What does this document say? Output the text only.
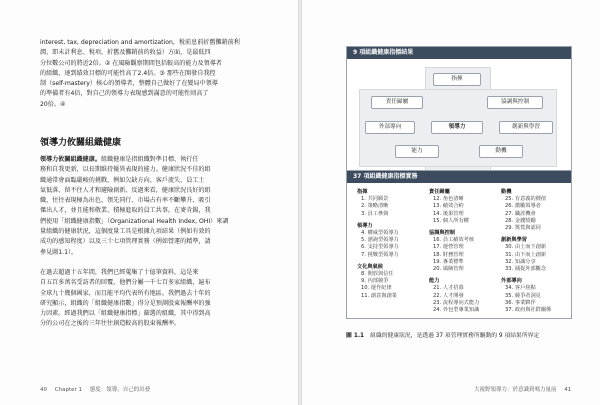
interest, tax, depreciation and amortization，稅前息前折舊攤銷前利
潤，即未計利息、稅項、折舊及攤銷前的收益）方面，是最低四
分位數公司的將近2倍。② 在風險觀察期間包括較高的能力及領導者
的組織，達到績效目標的可能性高了2.4倍。③ 那些在開發自我控
制（self-mastery）核心的領導者，整體自己做好了在變局中領導
的準備者有4倍，對自己的領導力表現感到滿意的可能性則高了
20倍。④

領導力攸關組織健康

領導力攸關組織健康。組織健康是指組織對準目標、執行任
務和自我更新，以長期維持優異表現的能力。健康狀況不佳的組
織通常會面臨嚴峻的挑戰，例如欠缺方向、客戶流失、員工士
氣低落、留不住人才和避險創新、反過來看，健康狀況良好的組
織，往往表現極為出色、領先同行、市場占有率不斷攀升、吸引
傑出人才，並且能和敬業、積極進取的員工共事。在麥肯錫，我
們使用「組織健康指數」（Organizational Health Index, OHI）來調
量組織的健康狀況，這個度量工具是根據九項結果（例如有效的
成功的感知程度）以及三十七項管理實務（例如營運的精準，請
參見圖1.1）。

在過去超過十五年間，我們已經蒐集了十億筆資料，這是來
自五百多萬名受訪者的回覆，他們分屬一千七百多家組織，遍布
全球九十幾個國家，而且能平均代表所有地區。我們過去十年的
研究顯示，組織的「組織健康指數」得分是預測股東報酬率的強
力因素。經過我們以「組織健康指標」篩選的組織，其中得到高
分的公司在之後的三年往往創造較高的股東報酬率。

40 Chapter 1 態度：領導，自己的出發
9 項組織健康指標結果
指揮
責任歸屬	協調與控制
外部導向	領導力	創新與學習
能力	動機
37 項組織健康指標實務
指揮
1. 共同願景
2. 策略清晰
3. 員工參與
領導力
4. 權威型領導力
5. 諮詢型領導力
6. 支持型領導力
7. 挑戰型領導力
文化與氣候
8. 開放與信任
9. 內部競爭
10. 運作紀律
11. 創意與創業
責任歸屬
12. 角色清晰
13. 績效合約
14. 後果管理
15. 個人所有權
協調與控制
16. 員工績效考核
17. 運營管理
18. 財務管理
19. 專業標準
20. 風險管理
能力
21. 人才招募
22. 人才開發
23. 流程導向式能力
24. 外包型專業知識
動機
25. 有意義的價值
26. 激勵領導者
27. 職涯機會
28. 金錢獎勵
29. 獎賞與認同
創新與學習
30. 由上而下創新
31. 由下而上創新
32. 知識分享
33. 捕捉外部觀念
外部導向
34. 客戶焦點
35. 競爭者洞見
36. 事業夥伴
37. 政府與社群關係
圖 1.1 組織的健康狀況，是透過 37 項管理實務所驅動的 9 項結果所界定
大視野領導力：於意識到嗎力量前 41
